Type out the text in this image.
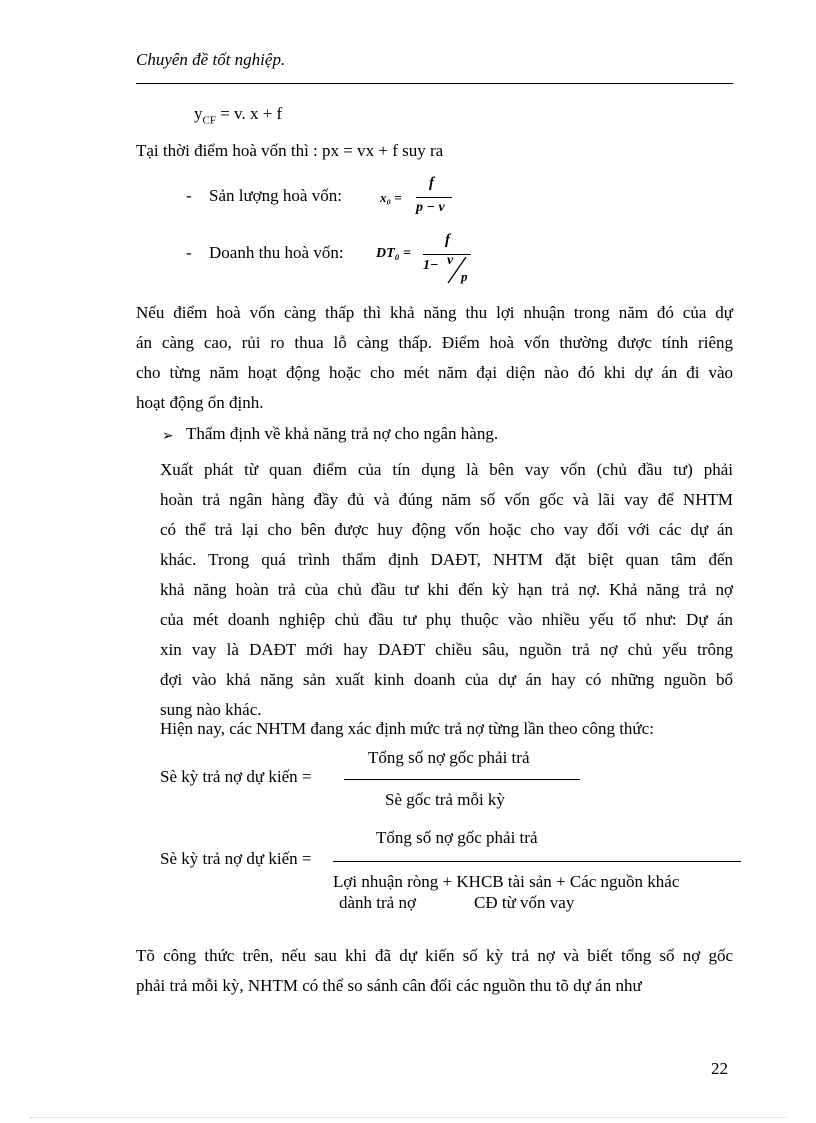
Chuyên đề tốt nghiệp.
$y_{CF} = v$. x + f
Tại thời điểm hoà vốn thì : px = vx + f suy ra
- Sản lượng hoà vốn:	x₀ =
f
p − v
- Doanh thu hoà vốn: DT₀ =
f
1− v
p
Nếu điểm hoà vốn càng thấp thì khả năng thu lợi nhuận trong năm đó của dự
án càng cao, rủi ro thua lỗ càng thấp. Điểm hoà vốn thường được tính riêng
cho từng năm hoạt động hoặc cho mét năm đại diện nào đó khi dự án đi vào
hoạt động ổn định.
➢ Thẩm định về khả năng trả nợ cho ngân hàng.
Xuất phát từ quan điểm của tín dụng là bên vay vốn (chủ đầu tư) phải
hoàn trả ngân hàng đầy đủ và đúng năm số vốn gốc và lãi vay để NHTM
có thể trả lại cho bên được huy động vốn hoặc cho vay đối với các dự án
khác. Trong quá trình thẩm định DAĐT, NHTM đặt biệt quan tâm đến
khả năng hoàn trả của chủ đầu tư khi đến kỳ hạn trả nợ. Khả năng trả nợ
của mét doanh nghiệp chủ đầu tư phụ thuộc vào nhiều yếu tố như: Dự án
xin vay là DAĐT mới hay DAĐT chiều sâu, nguồn trả nợ chủ yếu trông
đợi vào khả năng sản xuất kinh doanh của dự án hay có những nguồn bổ
sung nào khác.
Hiện nay, các NHTM đang xác định mức trả nợ từng lần theo công thức:
Tổng số nợ gốc phải trả
Sè kỳ trả nợ dự kiến =
Sè gốc trả mỗi kỳ
Tổng số nợ gốc phải trả
Sè kỳ trả nợ dự kiến =
Lợi nhuận ròng + KHCB tài sản + Các nguồn khác
dành trả nợ	CĐ từ vốn vay
Tõ công thức trên, nếu sau khi đã dự kiến số kỳ trả nợ và biết tổng số nợ gốc
phải trả mỗi kỳ, NHTM có thể so sánh cân đối các nguồn thu tõ dự án như
22
